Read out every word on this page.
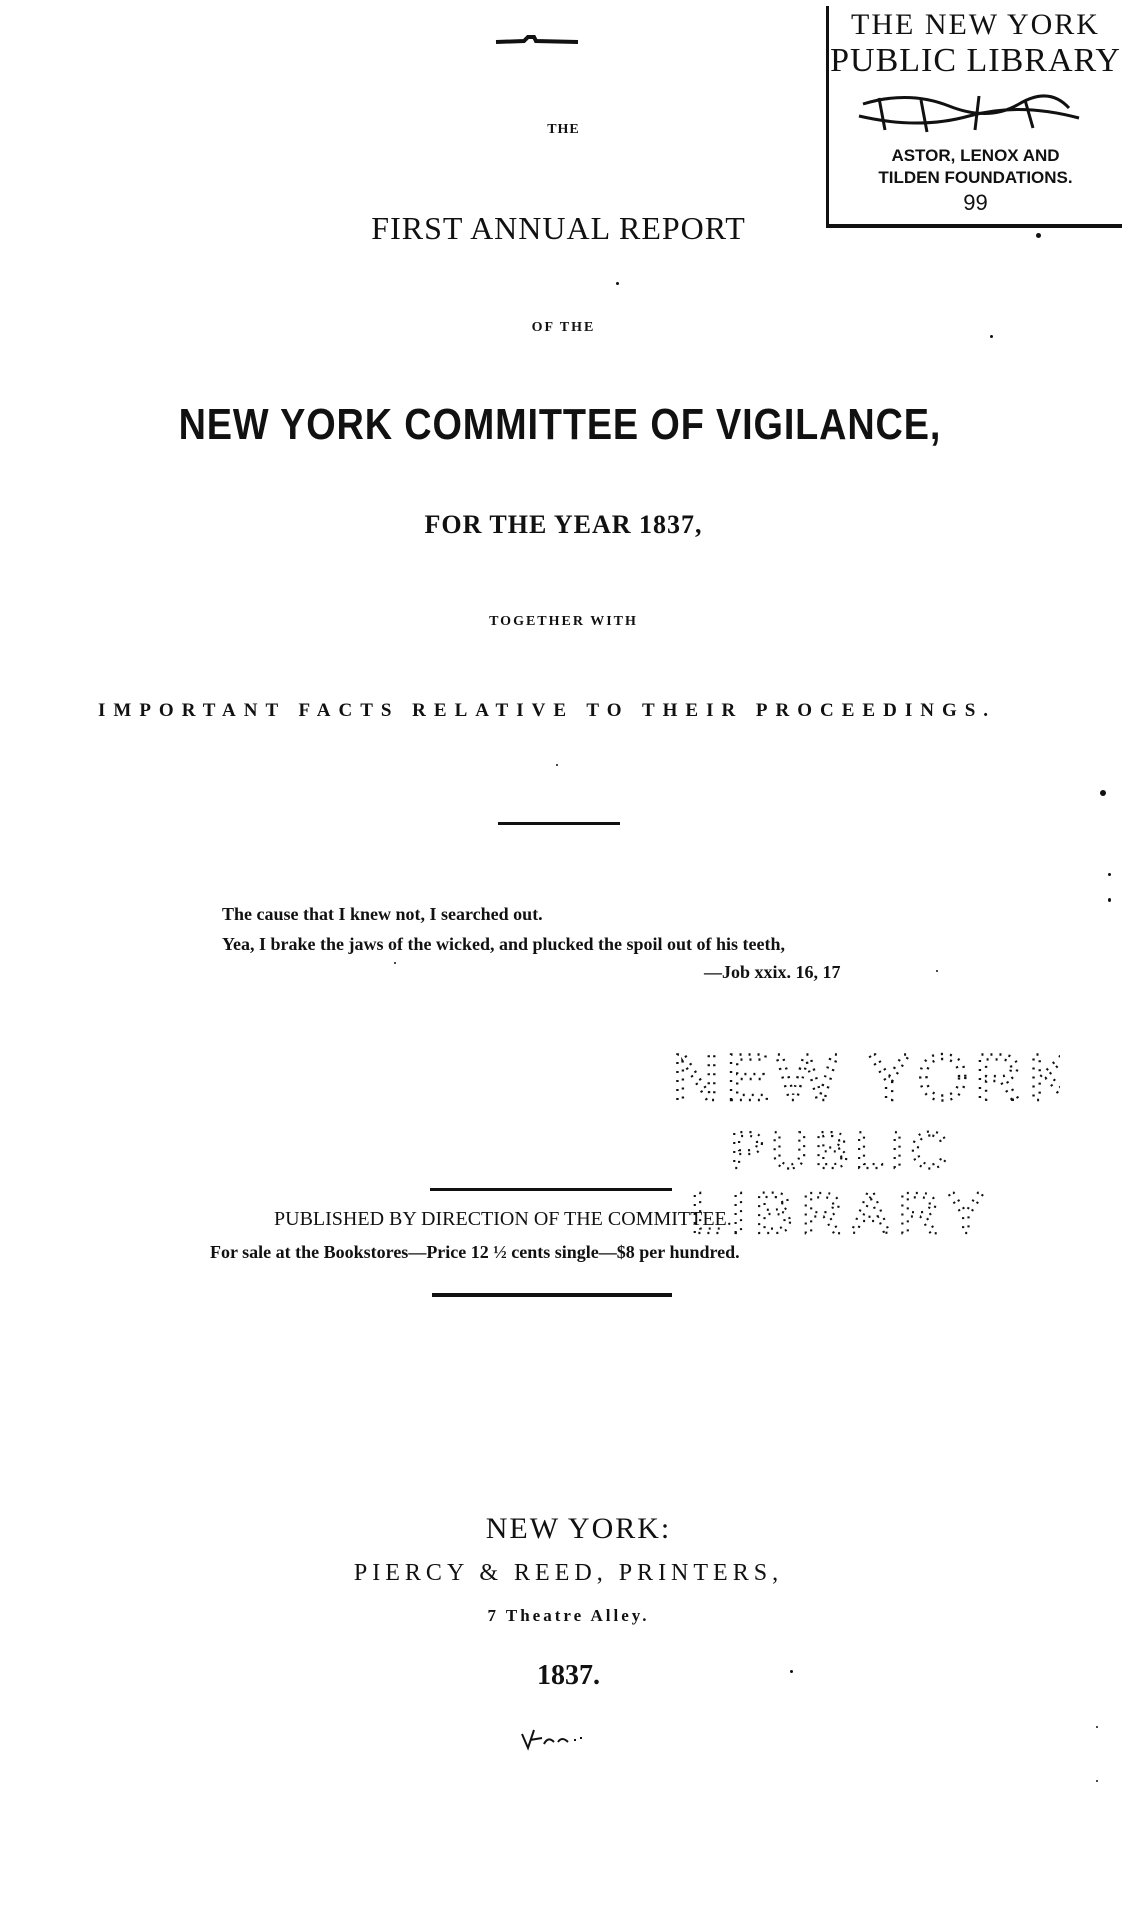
THE NEW YORK
PUBLIC LIBRARY
ASTOR, LENOX AND
TILDEN FOUNDATIONS.
99
THE
FIRST ANNUAL REPORT
OF THE
NEW YORK COMMITTEE OF VIGILANCE,
FOR THE YEAR 1837,
TOGETHER WITH
IMPORTANT FACTS RELATIVE TO THEIR PROCEEDINGS.
The cause that I knew not, I searched out.
Yea, I brake the jaws of the wicked, and plucked the spoil out of his teeth,
—Job xxix. 16, 17
NEW YORK
PUBLIC
LIBRARY
PUBLISHED BY DIRECTION OF THE COMMITTEE.
For sale at the Bookstores—Price 12 ½ cents single—$8 per hundred.
NEW YORK:
PIERCY & REED, PRINTERS,
7 Theatre Alley.
1837.
